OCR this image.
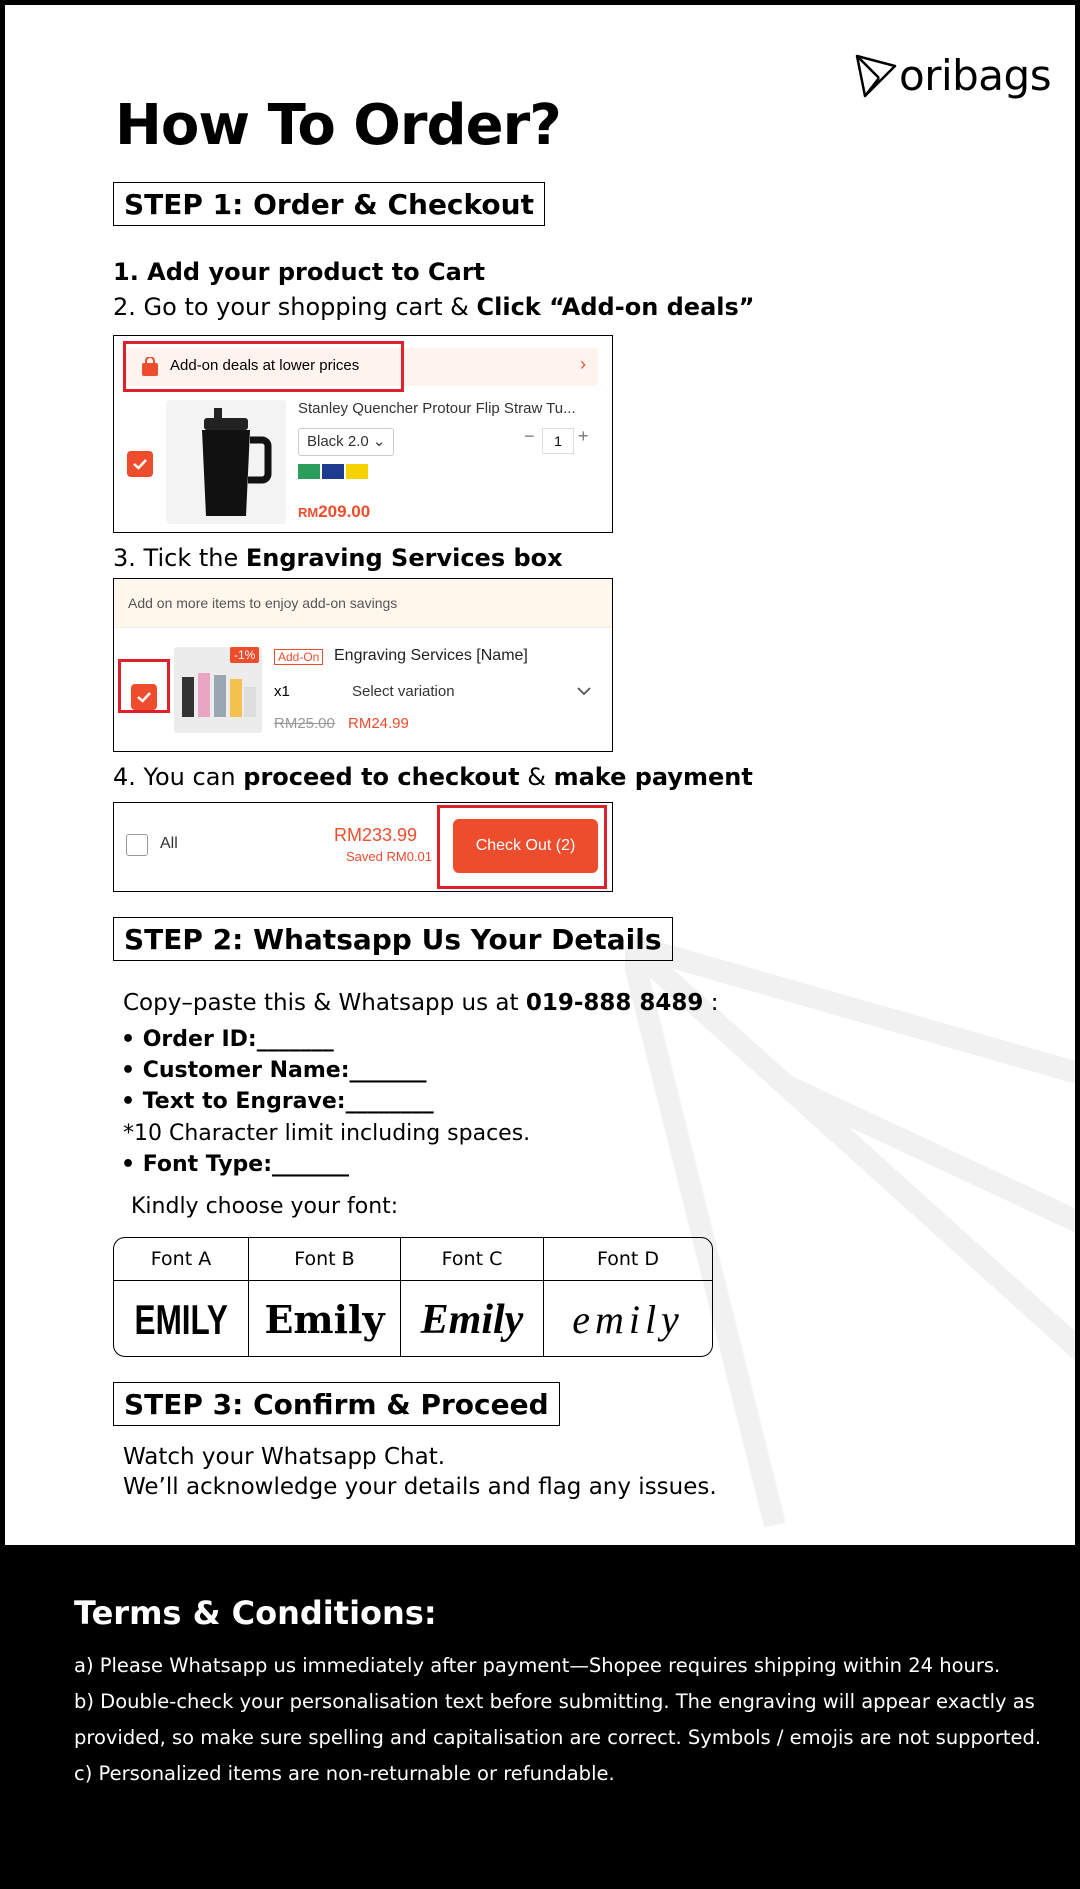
oribags
How To Order?
STEP 1: Order & Checkout
1. Add your product to Cart
2. Go to your shopping cart & Click “Add-on deals”
Add-on deals at lower prices	›
Stanley Quencher Protour Flip Straw Tu...
Black 2.0 ⌄	−	1 +
RM209.00
3. Tick the Engraving Services box
Add on more items to enjoy add-on savings
-1%	Add-On Engraving Services [Name]
x1	Select variation
RM25.00 RM24.99
4. You can proceed to checkout & make payment
All	RM233.99
Saved RM0.01
Check Out (2)
STEP 2: Whatsapp Us Your Details
Copy–paste this & Whatsapp us at 019-888 8489 :
• Order ID:_______
• Customer Name:_______
• Text to Engrave:________
*10 Character limit including spaces.
• Font Type:_______
Kindly choose your font:
Font A	Font B	Font C	Font D
EMILY Emily Emily emily
STEP 3: Confirm & Proceed
Watch your Whatsapp Chat.
We’ll acknowledge your details and flag any issues.
Terms & Conditions:

a) Please Whatsapp us immediately after payment—Shopee requires shipping within 24 hours.

b) Double-check your personalisation text before submitting. The engraving will appear exactly as provided, so make sure spelling and capitalisation are correct. Symbols / emojis are not supported.

c) Personalized items are non-returnable or refundable.
